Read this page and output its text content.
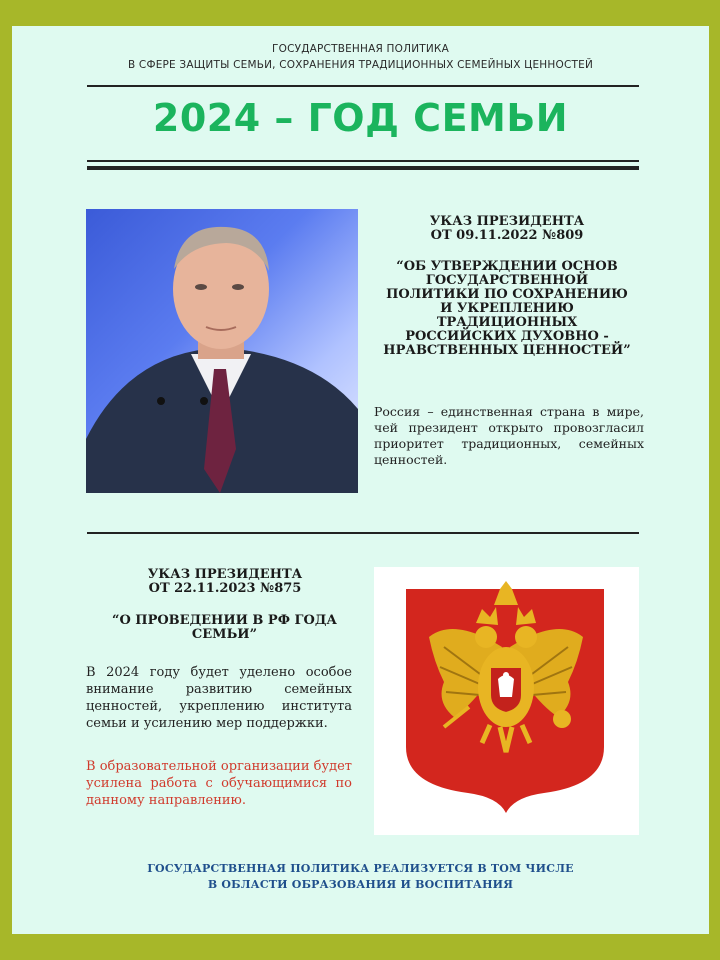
ГОСУДАРСТВЕННАЯ ПОЛИТИКА
В СФЕРЕ ЗАЩИТЫ СЕМЬИ, СОХРАНЕНИЯ ТРАДИЦИОННЫХ СЕМЕЙНЫХ ЦЕННОСТЕЙ
2024 – ГОД СЕМЬИ
УКАЗ ПРЕЗИДЕНТА
ОТ 09.11.2022 №809
“ОБ УТВЕРЖДЕНИИ ОСНОВ ГОСУДАРСТВЕННОЙ ПОЛИТИКИ ПО СОХРАНЕНИЮ И УКРЕПЛЕНИЮ ТРАДИЦИОННЫХ РОССИЙСКИХ ДУХОВНО - НРАВСТВЕННЫХ ЦЕННОСТЕЙ”
Россия – единственная страна в мире, чей президент открыто провозгласил приоритет традиционных, семейных ценностей.
УКАЗ ПРЕЗИДЕНТА
ОТ 22.11.2023 №875
“О ПРОВЕДЕНИИ В РФ ГОДА СЕМЬИ”
В 2024 году будет уделено особое внимание развитию семейных ценностей, укреплению института семьи и усилению мер поддержки.
В образовательной организации будет усилена работа с обучающимися по данному направлению.
ГОСУДАРСТВЕННАЯ ПОЛИТИКА РЕАЛИЗУЕТСЯ В ТОМ ЧИСЛЕ
В ОБЛАСТИ ОБРАЗОВАНИЯ И ВОСПИТАНИЯ
